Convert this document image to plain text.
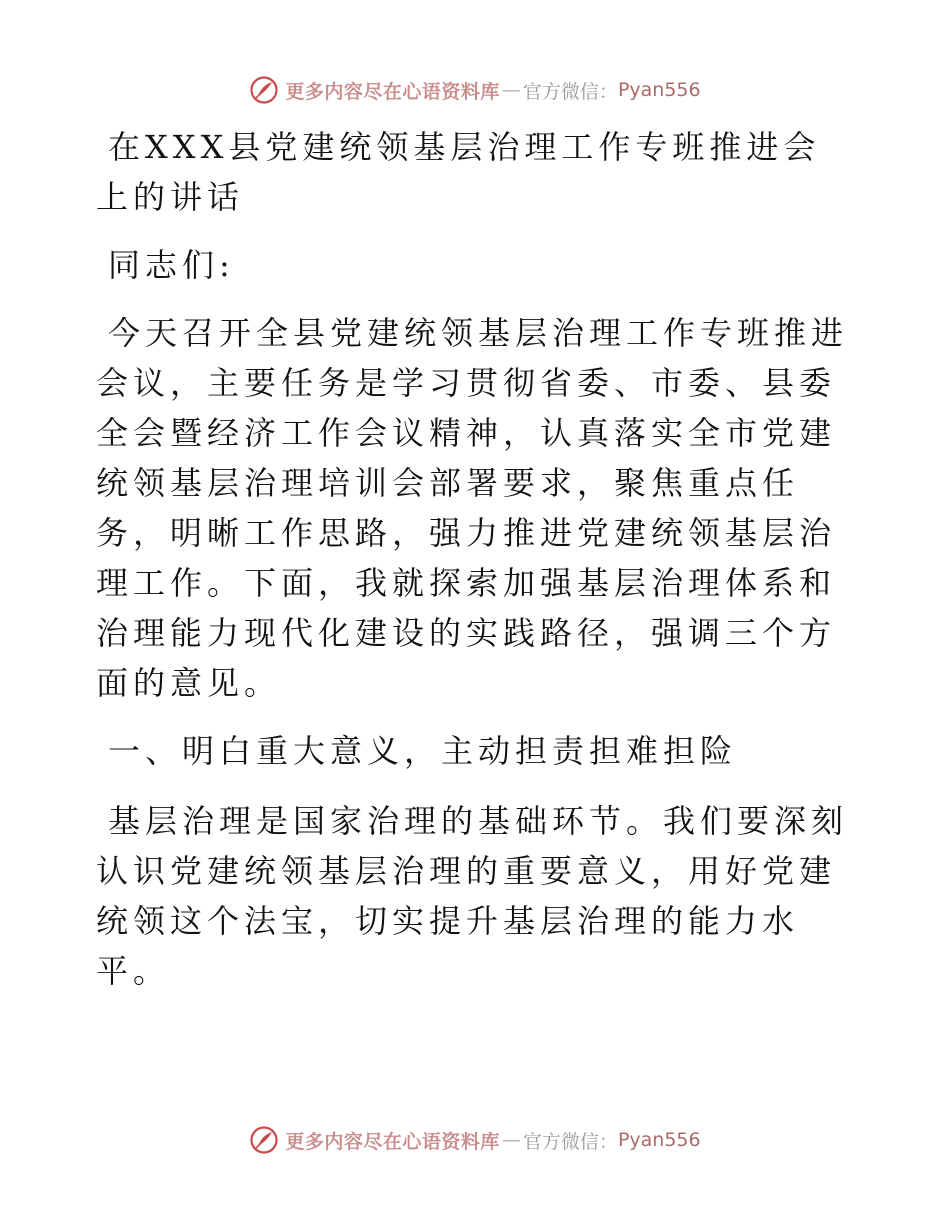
更多内容尽在心语资料库 — 官方微信： Pyan556

在XXX县党建统领基层治理工作专班推进会上的讲话

同志们:

今天召开全县党建统领基层治理工作专班推进会议，主要任务是学习贯彻省委、市委、县委全会暨经济工作会议精神，认真落实全市党建统领基层治理培训会部署要求，聚焦重点任务，明晰工作思路，强力推进党建统领基层治理工作。下面，我就探索加强基层治理体系和治理能力现代化建设的实践路径，强调三个方面的意见。

一、明白重大意义，主动担责担难担险

基层治理是国家治理的基础环节。我们要深刻认识党建统领基层治理的重要意义，用好党建统领这个法宝，切实提升基层治理的能力水平。

更多内容尽在心语资料库 — 官方微信： Pyan556
